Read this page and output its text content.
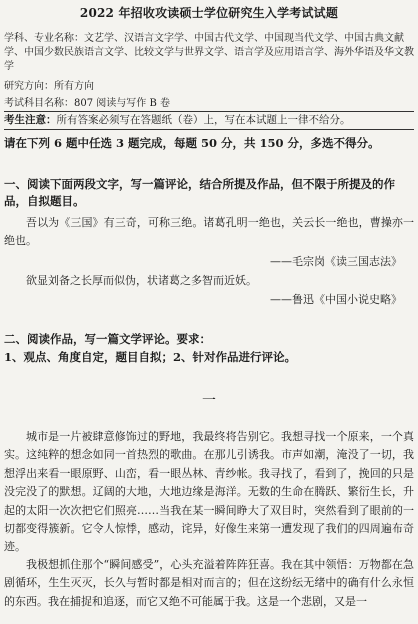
2022 年招收攻读硕士学位研究生入学考试试题
学科、专业名称：文艺学、汉语言文字学、中国古代文学、中国现当代文学、中国古典文献学、中国少数民族语言文学、比较文学与世界文学、语言学及应用语言学、海外华语及华文教学
研究方向：所有方向
考试科目名称：807 阅读与写作 B 卷
考生注意：所有答案必须写在答题纸（卷）上，写在本试题上一律不给分。
请在下列 6 题中任选 3 题完成，每题 50 分，共 150 分，多选不得分。
一、阅读下面两段文字，写一篇评论，结合所提及作品，但不限于所提及的作品，自拟题目。
吾以为《三国》有三奇，可称三绝。诸葛孔明一绝也，关云长一绝也，曹操亦一绝也。
——毛宗岗《读三国志法》
欲显刘备之长厚而似伪，状诸葛之多智而近妖。
——鲁迅《中国小说史略》
二、阅读作品，写一篇文学评论。要求：
1、观点、角度自定，题目自拟；2、针对作品进行评论。
一
城市是一片被肆意修饰过的野地，我最终将告别它。我想寻找一个原来，一个真实。这纯粹的想念如同一首热烈的歌曲。在那儿引诱我。市声如潮，淹没了一切，我想浮出来看一眼原野、山峦，看一眼丛林、青纱帐。我寻找了，看到了，挽回的只是没完没了的默想。辽阔的大地，大地边缘是海洋。无数的生命在腾跃、繁衍生长，升起的太阳一次次把它们照亮……当我在某一瞬间睁大了双目时，突然看到了眼前的一切都变得簇新。它令人惊悸，感动，诧异，好像生来第一遭发现了我们的四周遍布奇迹。
我极想抓住那个“瞬间感受”，心头充溢着阵阵狂喜。我在其中领悟：万物都在急剧循环，生生灭灭，长久与暂时都是相对而言的；但在这纷纭无绪中的确有什么永恒的东西。我在捕捉和追逐，而它又绝不可能属于我。这是一个悲剧，又是一
